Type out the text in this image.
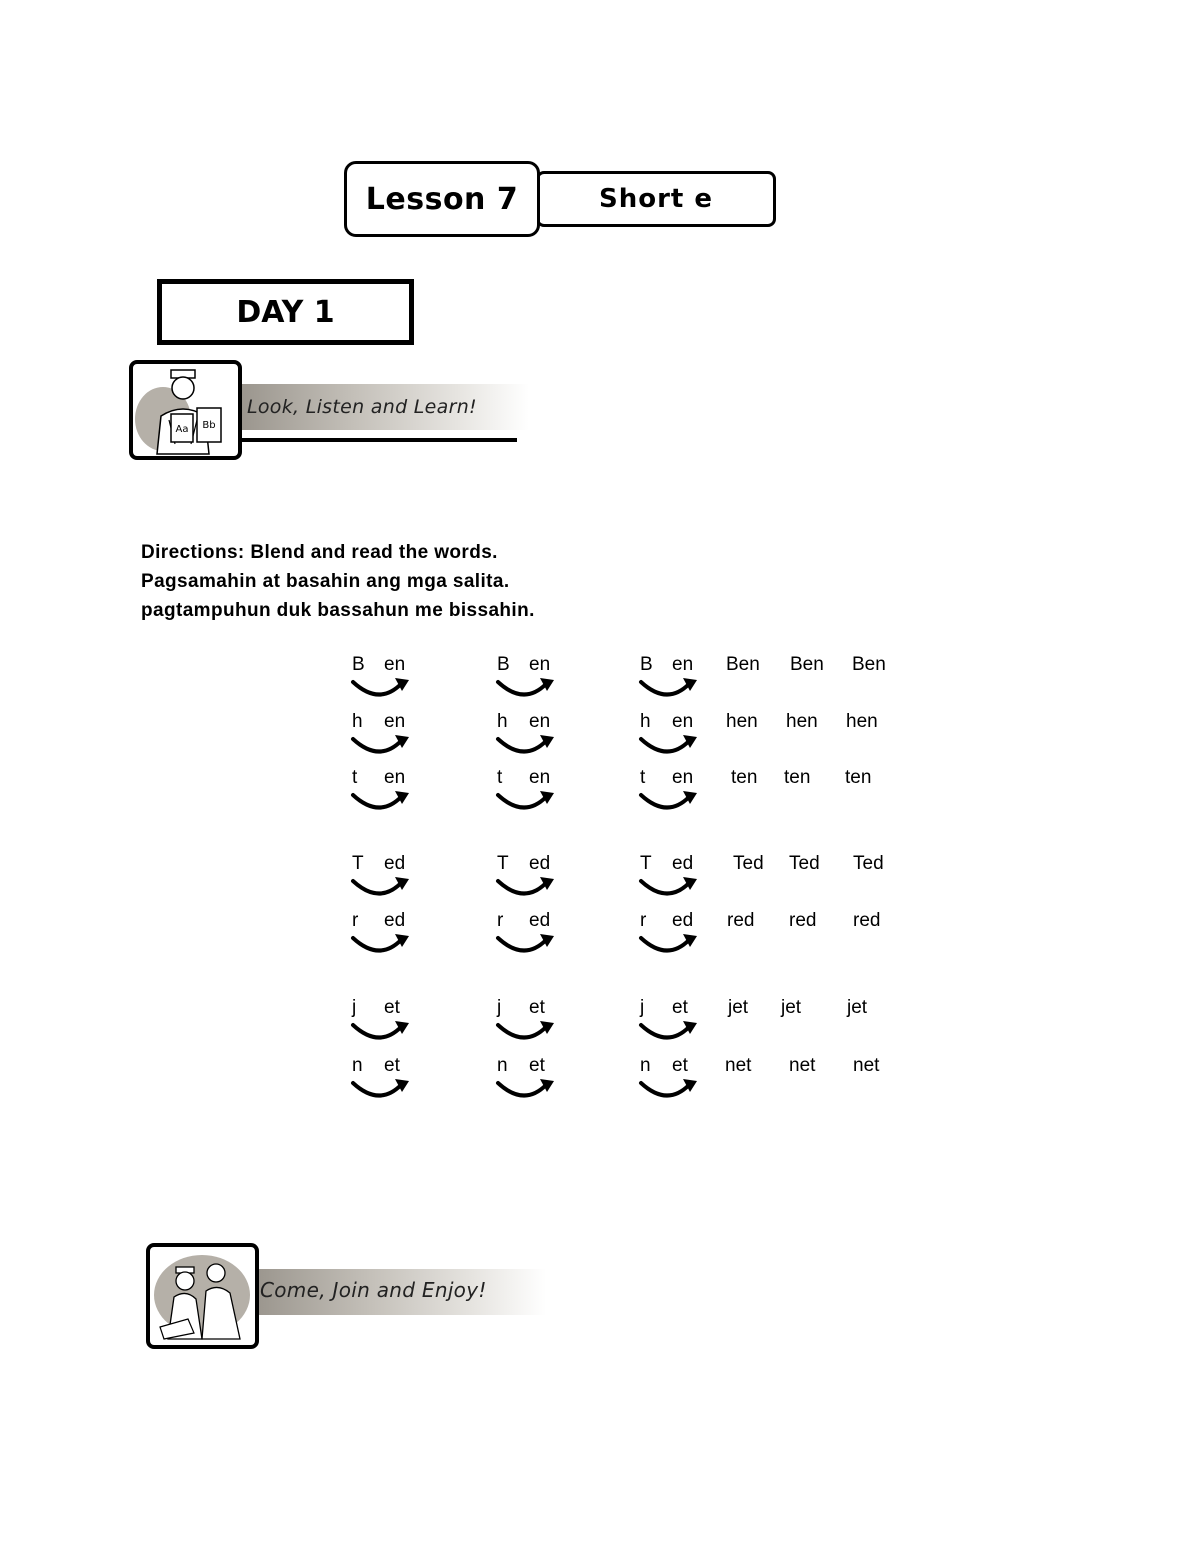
Lesson 7	Short e
DAY 1
Aa Bb
Look, Listen and Learn!
Directions: Blend and read the words.
Pagsamahin at basahin ang mga salita.
pagtampuhun duk bassahun me bissahin.
B en	B en	B en Ben Ben Ben
h en	h en	h en hen hen hen
t en	t en	t en ten ten ten
T ed	T ed	T ed Ted Ted Ted
r ed	r ed	r ed red red red
j et	j et	j et jet jet jet
n et	n et	n et net net net
Come, Join and Enjoy!
